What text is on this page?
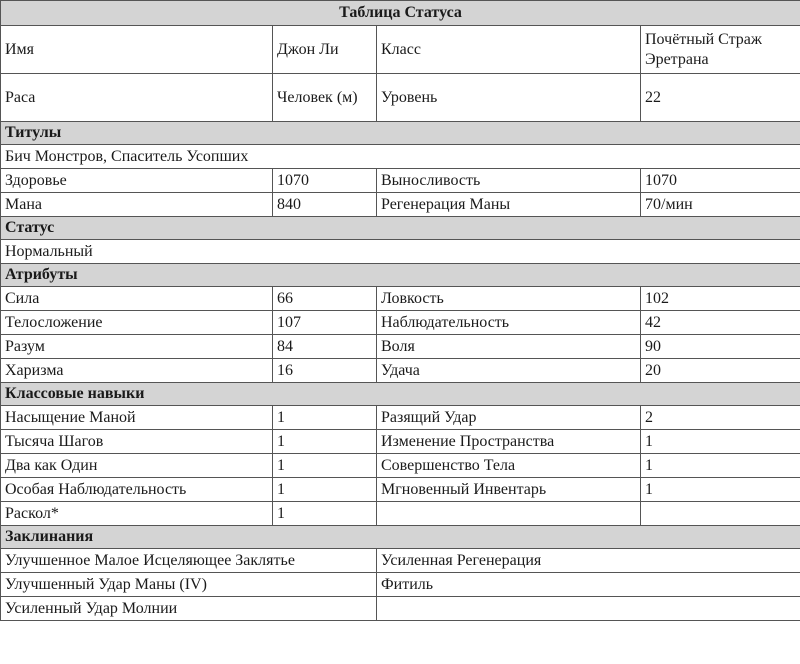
Таблица Статуса			
Имя	Джон Ли	Класс	Почётный Страж Эретрана
Раса	Человек (м)	Уровень	22
Титулы			
Бич Монстров, Спаситель Усопших			
Здоровье	1070	Выносливость	1070
Мана	840	Регенерация Маны	70/мин
Статус			
Нормальный			
Атрибуты			
Сила	66	Ловкость	102
Телосложение	107	Наблюдательность	42
Разум	84	Воля	90
Харизма	16	Удача	20
Классовые навыки			
Насыщение Маной	1	Разящий Удар	2
Тысяча Шагов	1	Изменение Пространства	1
Два как Один	1	Совершенство Тела	1
Особая Наблюдательность	1	Мгновенный Инвентарь	1
Раскол*	1		
Заклинания			
Улучшенное Малое Исцеляющее Заклятье		Усиленная Регенерация	
Улучшенный Удар Маны (IV)		Фитиль	
Усиленный Удар Молнии			
